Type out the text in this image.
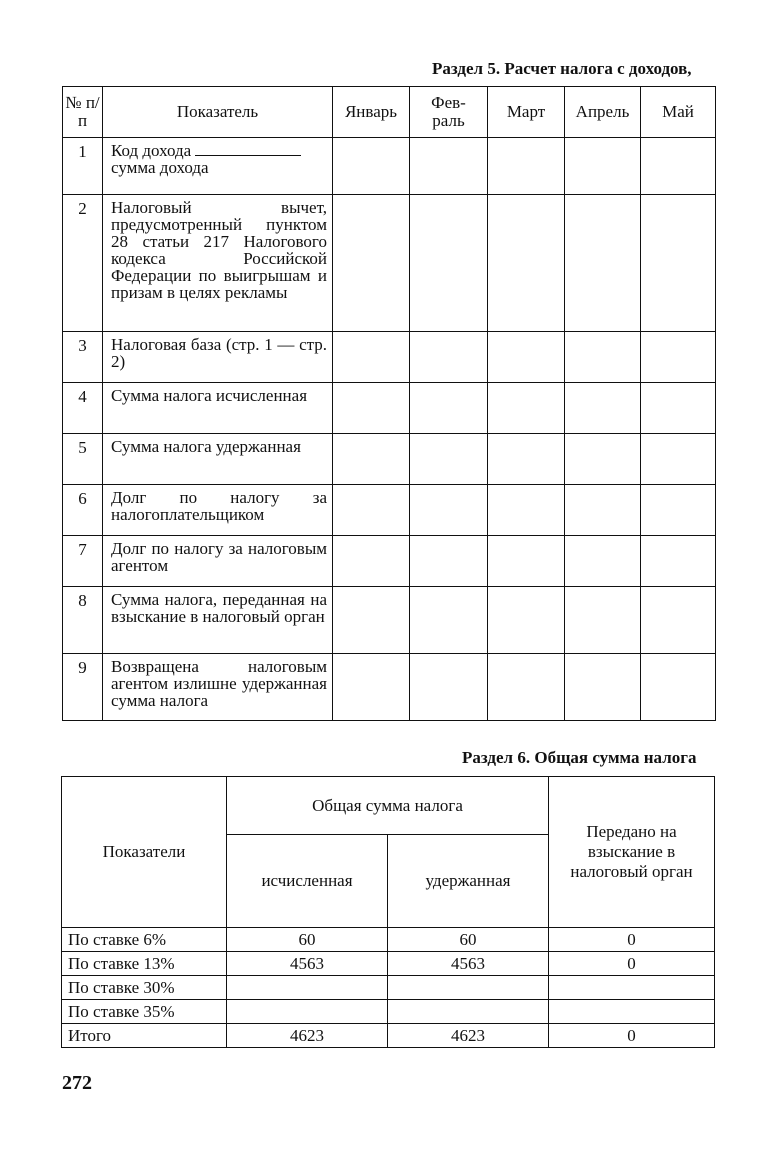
Раздел 5. Расчет налога с доходов,
№ п/п	Показатель	Январь	Фев-раль	Март	Апрель	Май
1	Код дохода
сумма дохода					
2	Налоговый вычет, предусмотренный пунктом 28 статьи 217 Налогового кодекса Российской Федерации по выигрышам и призам в целях рекламы					
3	Налоговая база (стр. 1 — стр. 2)					
4	Сумма налога исчисленная					
5	Сумма налога удержанная					
6	Долг по налогу за налогоплательщиком					
7	Долг по налогу за налоговым агентом					
8	Сумма налога, переданная на взыскание в налоговый орган					
9	Возвращена налоговым агентом излишне удержанная сумма налога					
Раздел 6. Общая сумма налога
Показатели	Общая сумма налога		Передано на взыскание в налоговый орган
	исчисленная	удержанная	
По ставке 6%	60	60	0
По ставке 13%	4563	4563	0
По ставке 30%			
По ставке 35%			
Итого	4623	4623	0
272
